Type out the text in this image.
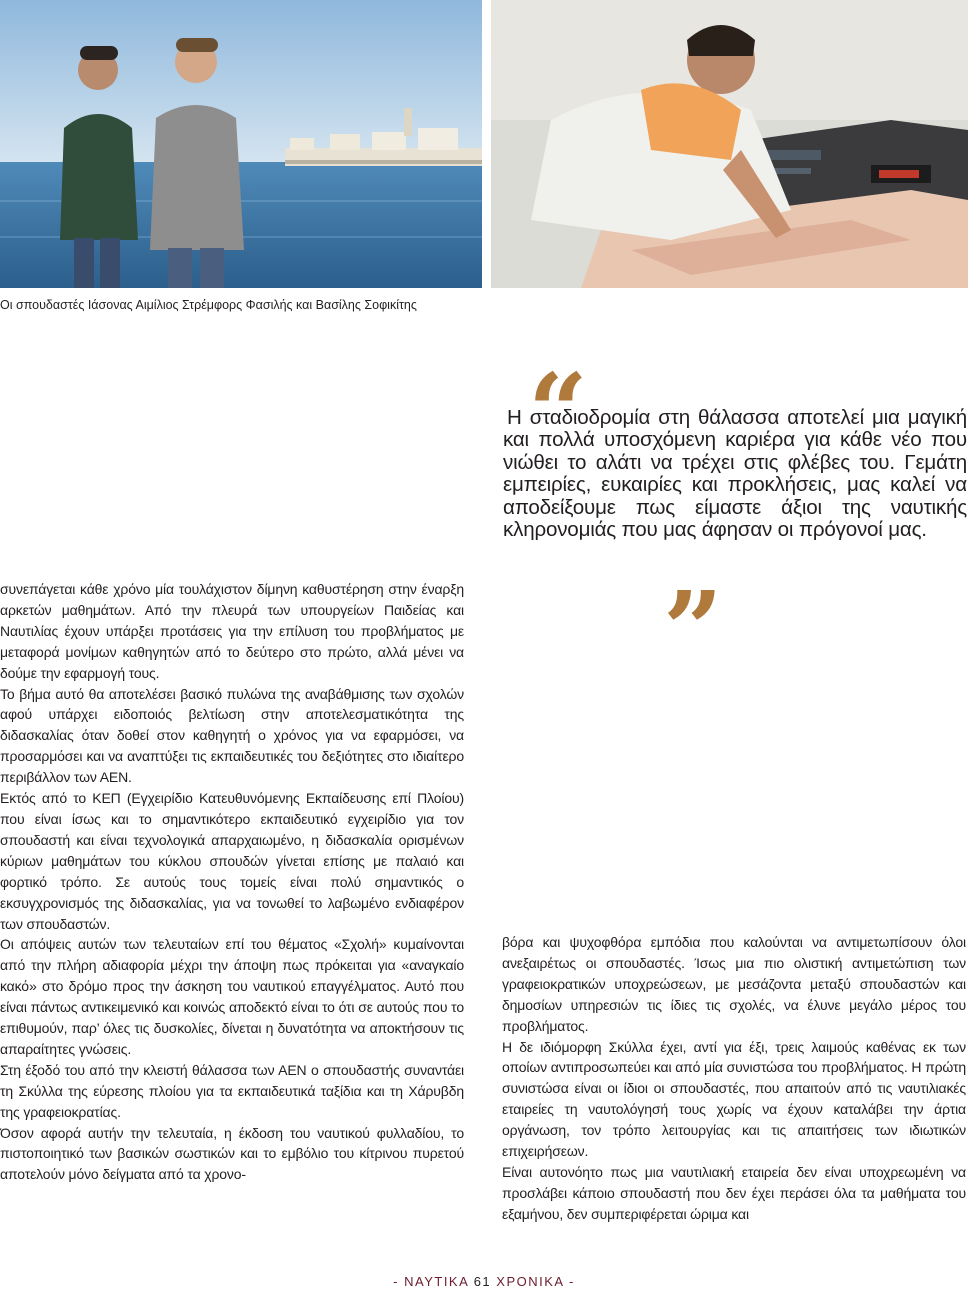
Οι σπουδαστές Ιάσονας Αιμίλιος Στρέμφορς Φασιλής και Βασίλης Σοφικίτης
“
Η σταδιοδρομία στη θάλασσα αποτελεί μια μαγική και πολλά υποσχόμενη καριέρα για κάθε νέο που νιώθει το αλάτι να τρέχει στις φλέβες του. Γεμάτη εμπειρίες, ευκαιρίες και προκλήσεις, μας καλεί να αποδείξουμε πως είμαστε άξιοι της ναυτικής κληρονομιάς που μας άφησαν οι πρόγονοί μας.
”

συνεπάγεται κάθε χρόνο μία τουλάχιστον δίμηνη καθυστέρηση στην έναρξη αρκετών μαθημάτων. Από την πλευρά των υπουργείων Παιδείας και Ναυτιλίας έχουν υπάρξει προτάσεις για την επίλυση του προβλήματος με μεταφορά μονίμων καθηγητών από το δεύτερο στο πρώτο, αλλά μένει να δούμε την εφαρμογή τους.

Το βήμα αυτό θα αποτελέσει βασικό πυλώνα της αναβάθμισης των σχολών αφού υπάρχει ειδοποιός βελτίωση στην αποτελεσματικότητα της διδασκαλίας όταν δοθεί στον καθηγητή ο χρόνος για να εφαρμόσει, να προσαρμόσει και να αναπτύξει τις εκπαιδευτικές του δεξιότητες στο ιδιαίτερο περιβάλλον των ΑΕΝ.

Εκτός από το ΚΕΠ (Εγχειρίδιο Κατευθυνόμενης Εκπαίδευσης επί Πλοίου) που είναι ίσως και το σημαντικότερο εκπαιδευτικό εγχειρίδιο για τον σπουδαστή και είναι τεχνολογικά απαρχαιωμένο, η διδασκαλία ορισμένων κύριων μαθημάτων του κύκλου σπουδών γίνεται επίσης με παλαιό και φορτικό τρόπο. Σε αυτούς τους τομείς είναι πολύ σημαντικός ο εκσυγχρονισμός της διδασκαλίας, για να τονωθεί το λαβωμένο ενδιαφέρον των σπουδαστών.

Οι απόψεις αυτών των τελευταίων επί του θέματος «Σχολή» κυμαίνονται από την πλήρη αδιαφορία μέχρι την άποψη πως πρόκειται για «αναγκαίο κακό» στο δρόμο προς την άσκηση του ναυτικού επαγγέλματος. Αυτό που είναι πάντως αντικειμενικό και κοινώς αποδεκτό είναι το ότι σε αυτούς που το επιθυμούν, παρ’ όλες τις δυσκολίες, δίνεται η δυνατότητα να αποκτήσουν τις απαραίτητες γνώσεις.

Στη έξοδό του από την κλειστή θάλασσα των ΑΕΝ ο σπουδαστής συναντάει τη Σκύλλα της εύρεσης πλοίου για τα εκπαιδευτικά ταξίδια και τη Χάρυβδη της γραφειοκρατίας.

Όσον αφορά αυτήν την τελευταία, η έκδοση του ναυτικού φυλλαδίου, το πιστοποιητικό των βασικών σωστικών και το εμβόλιο του κίτρινου πυρετού αποτελούν μόνο δείγματα από τα χρονο-

βόρα και ψυχοφθόρα εμπόδια που καλούνται να αντιμετωπίσουν όλοι ανεξαιρέτως οι σπουδαστές. Ίσως μια πιο ολιστική αντιμετώπιση των γραφειοκρατικών υποχρεώσεων, με μεσάζοντα μεταξύ σπουδαστών και δημοσίων υπηρεσιών τις ίδιες τις σχολές, να έλυνε μεγάλο μέρος του προβλήματος.

Η δε ιδιόμορφη Σκύλλα έχει, αντί για έξι, τρεις λαιμούς καθένας εκ των οποίων αντιπροσωπεύει και από μία συνιστώσα του προβλήματος. Η πρώτη συνιστώσα είναι οι ίδιοι οι σπουδαστές, που απαιτούν από τις ναυτιλιακές εταιρείες τη ναυτολόγησή τους χωρίς να έχουν καταλάβει την άρτια οργάνωση, τον τρόπο λειτουργίας και τις απαιτήσεις των ιδιωτικών επιχειρήσεων.

Είναι αυτονόητο πως μια ναυτιλιακή εταιρεία δεν είναι υποχρεωμένη να προσλάβει κάποιο σπουδαστή που δεν έχει περάσει όλα τα μαθήματα του εξαμήνου, δεν συμπεριφέρεται ώριμα και

- ΝΑΥΤΙΚΑ 61 ΧΡΟΝΙΚΑ -
